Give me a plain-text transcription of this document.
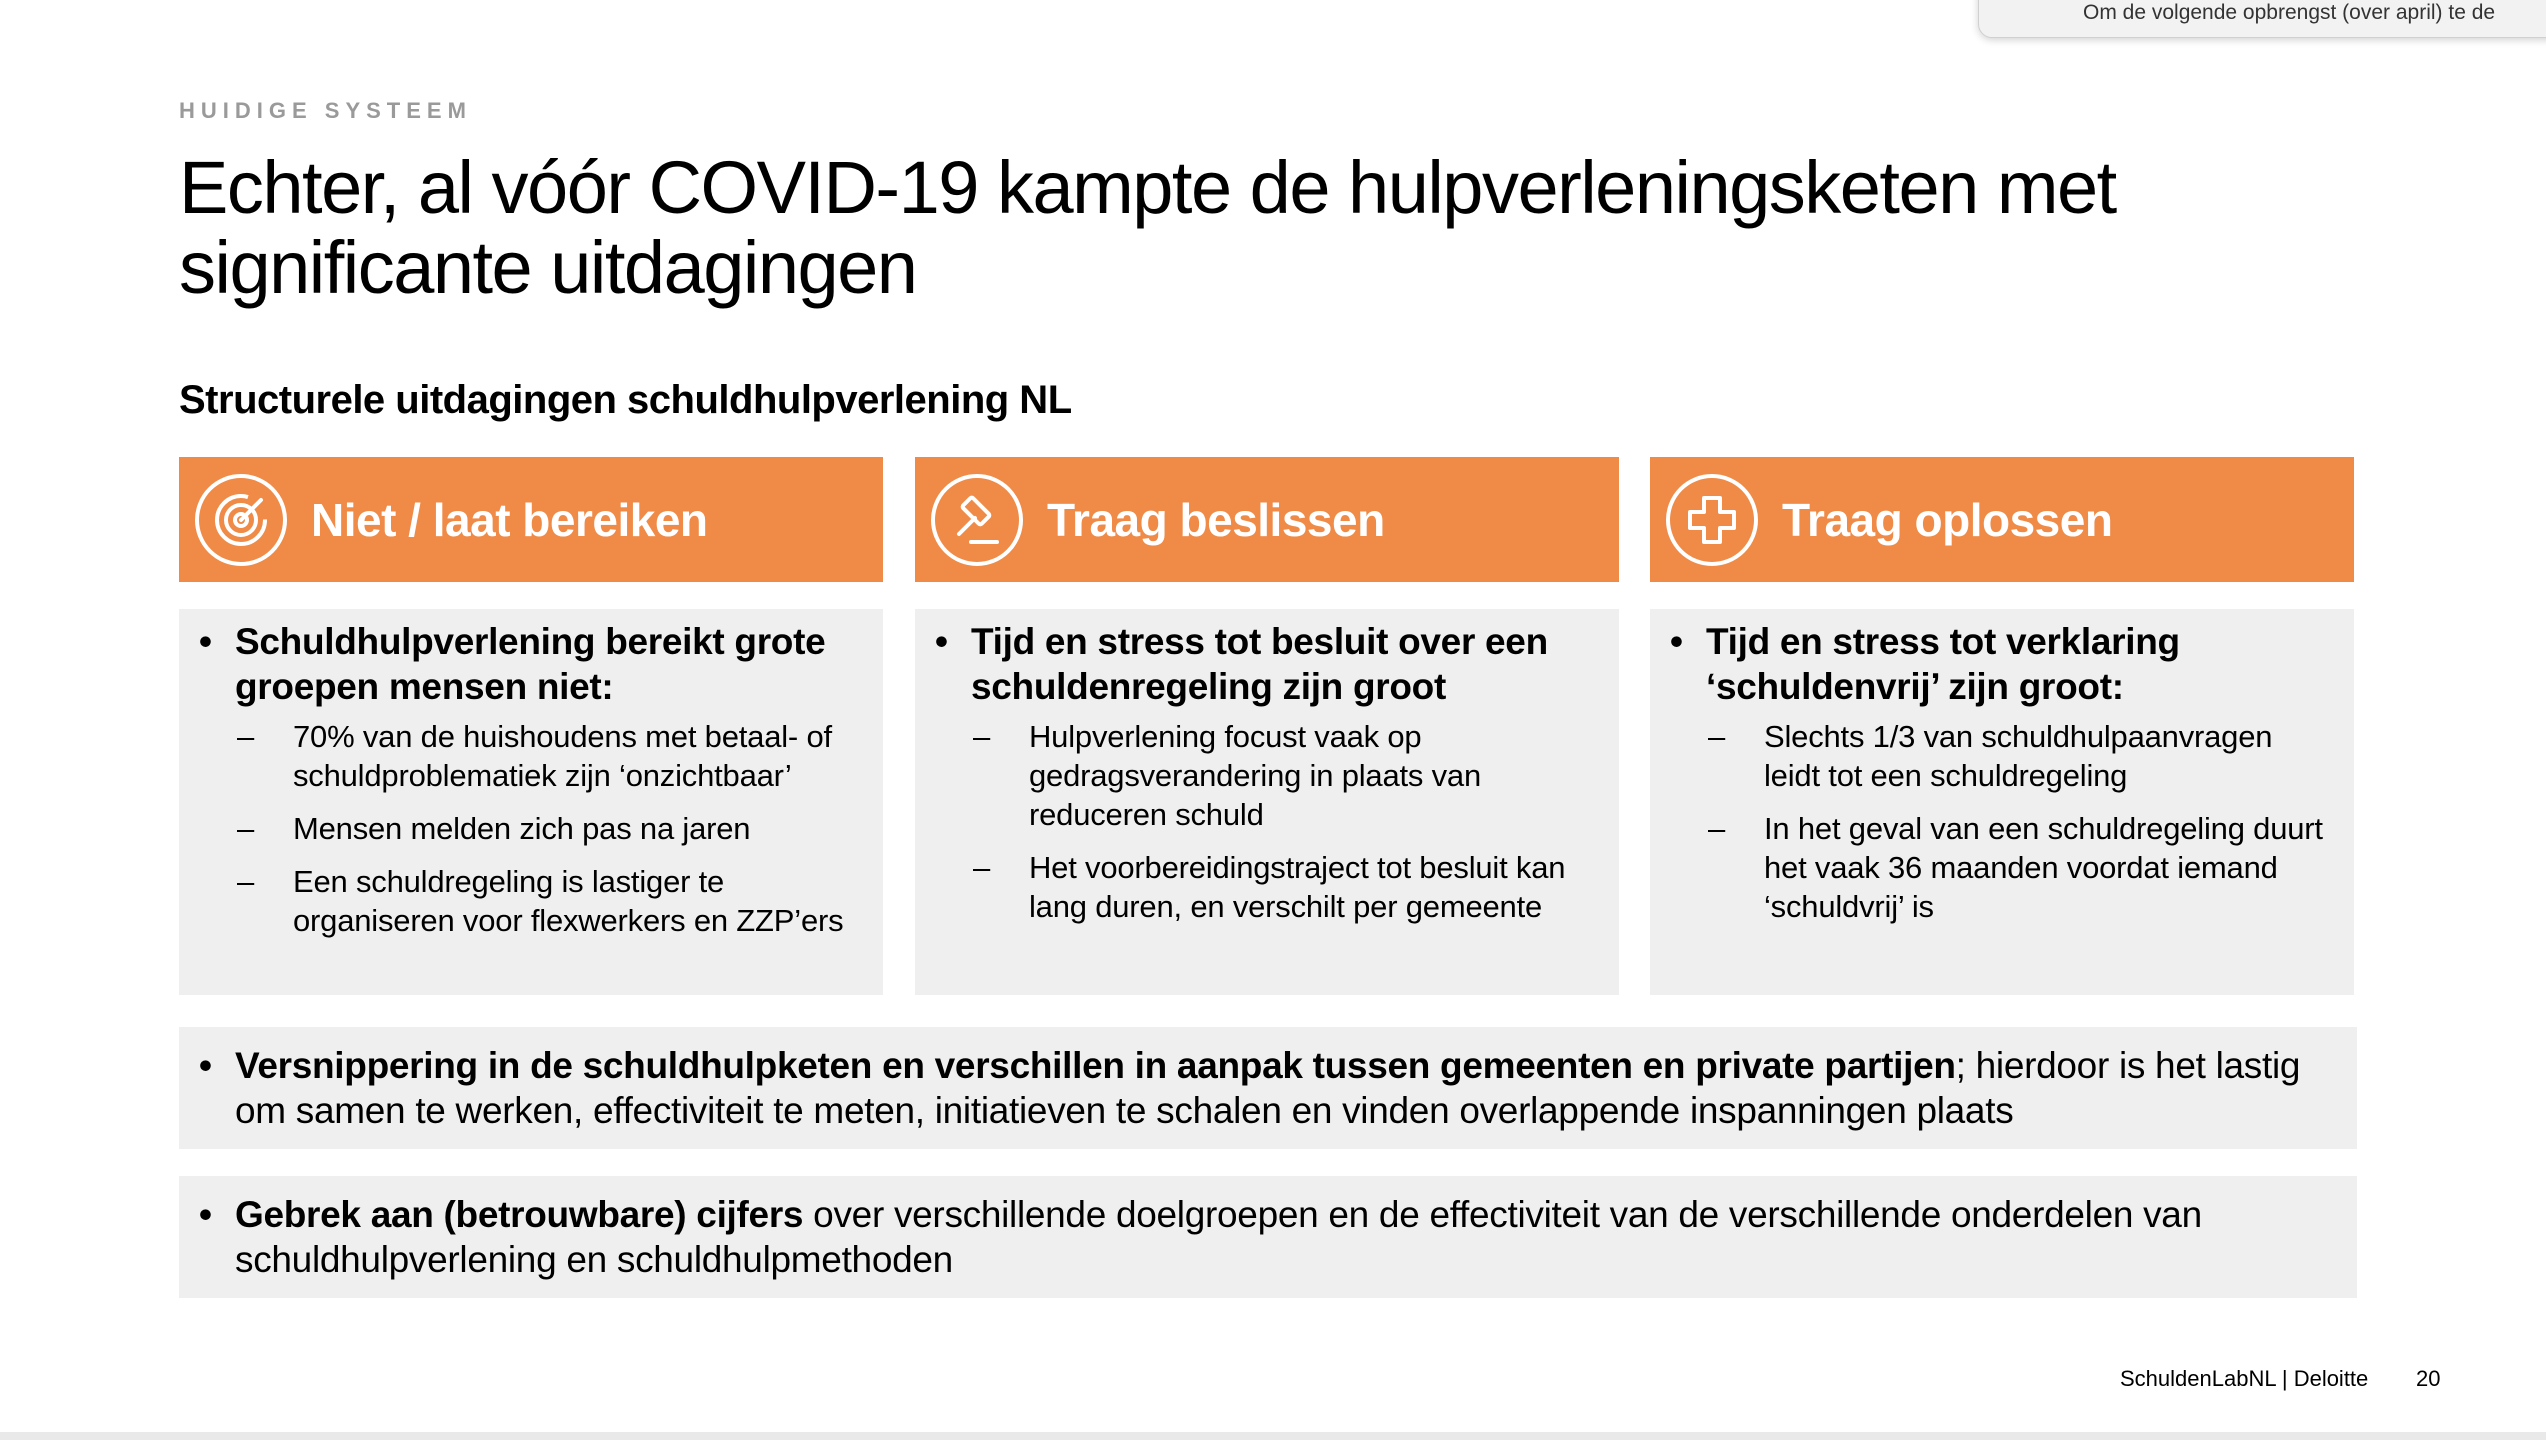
Om de volgende opbrengst (over april) te de
HUIDIGE SYSTEEM
Echter, al vóór COVID-19 kampte de hulpverleningsketen met significante uitdagingen
Structurele uitdagingen schuldhulpverlening NL
Niet / laat bereiken
• Schuldhulpverlening bereikt grote groepen mensen niet:
– 70% van de huishoudens met betaal- of schuldproblematiek zijn ‘onzichtbaar’
– Mensen melden zich pas na jaren
– Een schuldregeling is lastiger te organiseren voor flexwerkers en ZZP’ers
Traag beslissen
• Tijd en stress tot besluit over een schuldenregeling zijn groot
– Hulpverlening focust vaak op gedragsverandering in plaats van reduceren schuld
– Het voorbereidingstraject tot besluit kan lang duren, en verschilt per gemeente
Traag oplossen
• Tijd en stress tot verklaring ‘schuldenvrij’ zijn groot:
– Slechts 1/3 van schuldhulpaanvragen leidt tot een schuldregeling
– In het geval van een schuldregeling duurt het vaak 36 maanden voordat iemand ‘schuldvrij’ is
• Versnippering in de schuldhulpketen en verschillen in aanpak tussen gemeenten en private partijen; hierdoor is het lastig om samen te werken, effectiviteit te meten, initiatieven te schalen en vinden overlappende inspanningen plaats
• Gebrek aan (betrouwbare) cijfers over verschillende doelgroepen en de effectiviteit van de verschillende onderdelen van schuldhulpverlening en schuldhulpmethoden
SchuldenLabNL | Deloitte 20
